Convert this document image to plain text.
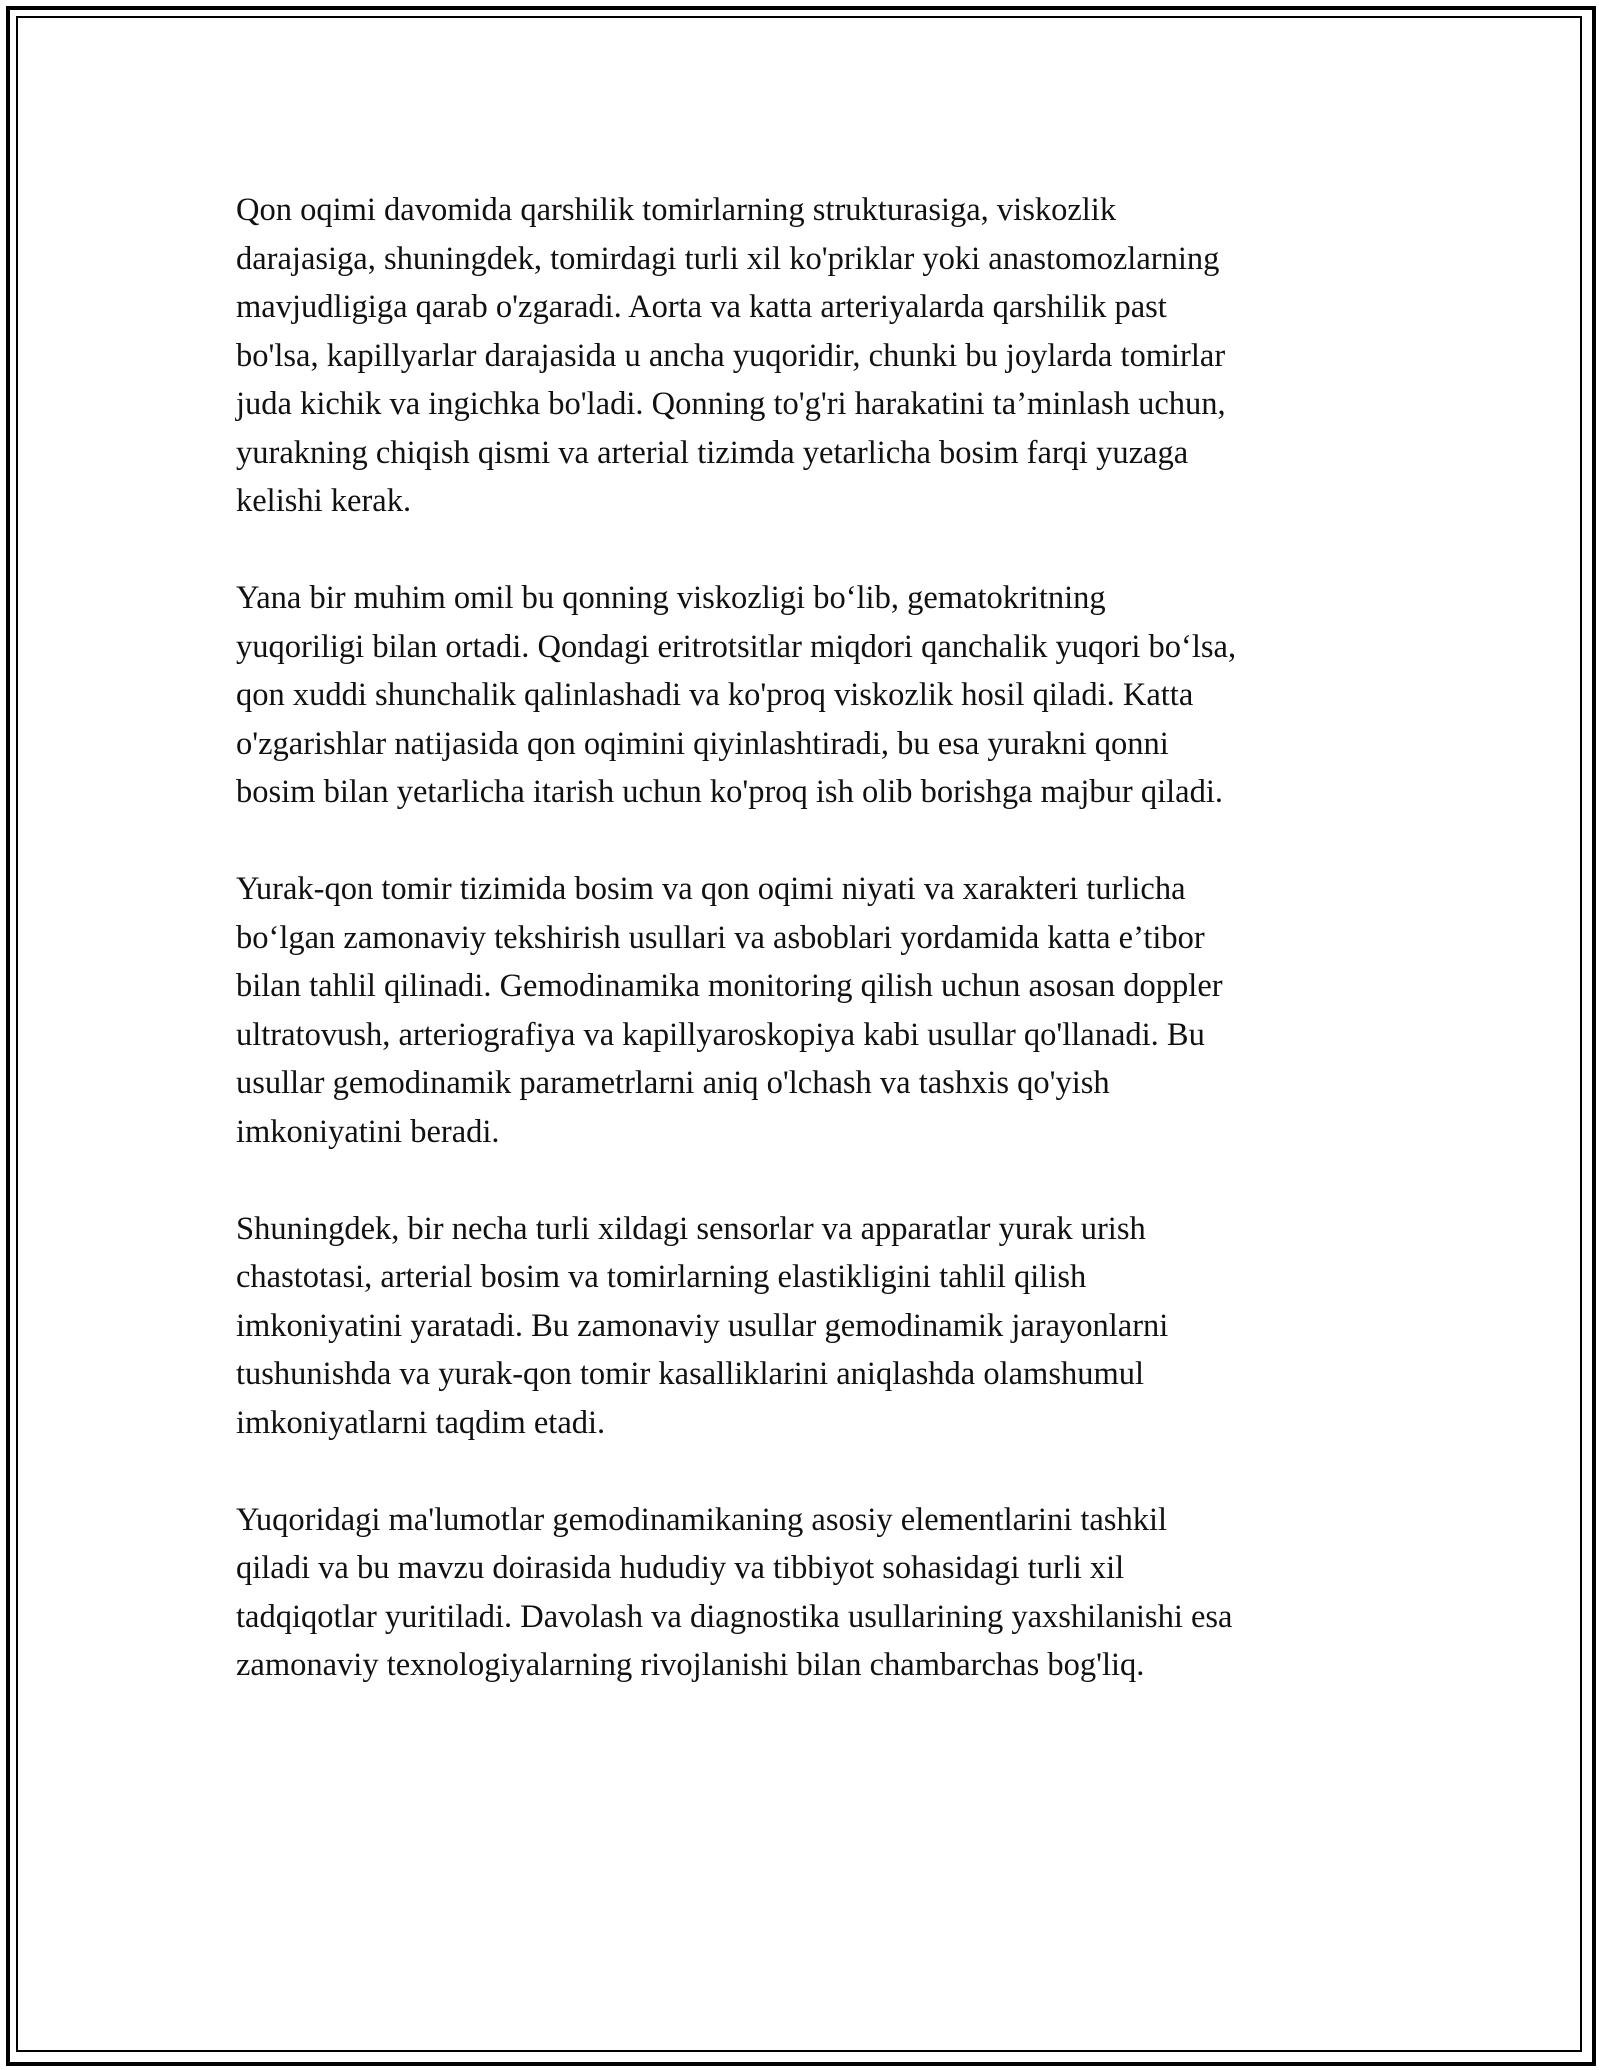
Qon oqimi davomida qarshilik tomirlarning strukturasiga, viskozlik
darajasiga, shuningdek, tomirdagi turli xil ko'priklar yoki anastomozlarning
mavjudligiga qarab o'zgaradi. Aorta va katta arteriyalarda qarshilik past
bo'lsa, kapillyarlar darajasida u ancha yuqoridir, chunki bu joylarda tomirlar
juda kichik va ingichka bo'ladi. Qonning to'g'ri harakatini ta’minlash uchun,
yurakning chiqish qismi va arterial tizimda yetarlicha bosim farqi yuzaga
kelishi kerak.

Yana bir muhim omil bu qonning viskozligi bo‘lib, gematokritning
yuqoriligi bilan ortadi. Qondagi eritrotsitlar miqdori qanchalik yuqori bo‘lsa,
qon xuddi shunchalik qalinlashadi va ko'proq viskozlik hosil qiladi. Katta
o'zgarishlar natijasida qon oqimini qiyinlashtiradi, bu esa yurakni qonni
bosim bilan yetarlicha itarish uchun ko'proq ish olib borishga majbur qiladi.

Yurak-qon tomir tizimida bosim va qon oqimi niyati va xarakteri turlicha
bo‘lgan zamonaviy tekshirish usullari va asboblari yordamida katta e’tibor
bilan tahlil qilinadi. Gemodinamika monitoring qilish uchun asosan doppler
ultratovush, arteriografiya va kapillyaroskopiya kabi usullar qo'llanadi. Bu
usullar gemodinamik parametrlarni aniq o'lchash va tashxis qo'yish
imkoniyatini beradi.

Shuningdek, bir necha turli xildagi sensorlar va apparatlar yurak urish
chastotasi, arterial bosim va tomirlarning elastikligini tahlil qilish
imkoniyatini yaratadi. Bu zamonaviy usullar gemodinamik jarayonlarni
tushunishda va yurak-qon tomir kasalliklarini aniqlashda olamshumul
imkoniyatlarni taqdim etadi.

Yuqoridagi ma'lumotlar gemodinamikaning asosiy elementlarini tashkil
qiladi va bu mavzu doirasida hududiy va tibbiyot sohasidagi turli xil
tadqiqotlar yuritiladi. Davolash va diagnostika usullarining yaxshilanishi esa
zamonaviy texnologiyalarning rivojlanishi bilan chambarchas bog'liq.
